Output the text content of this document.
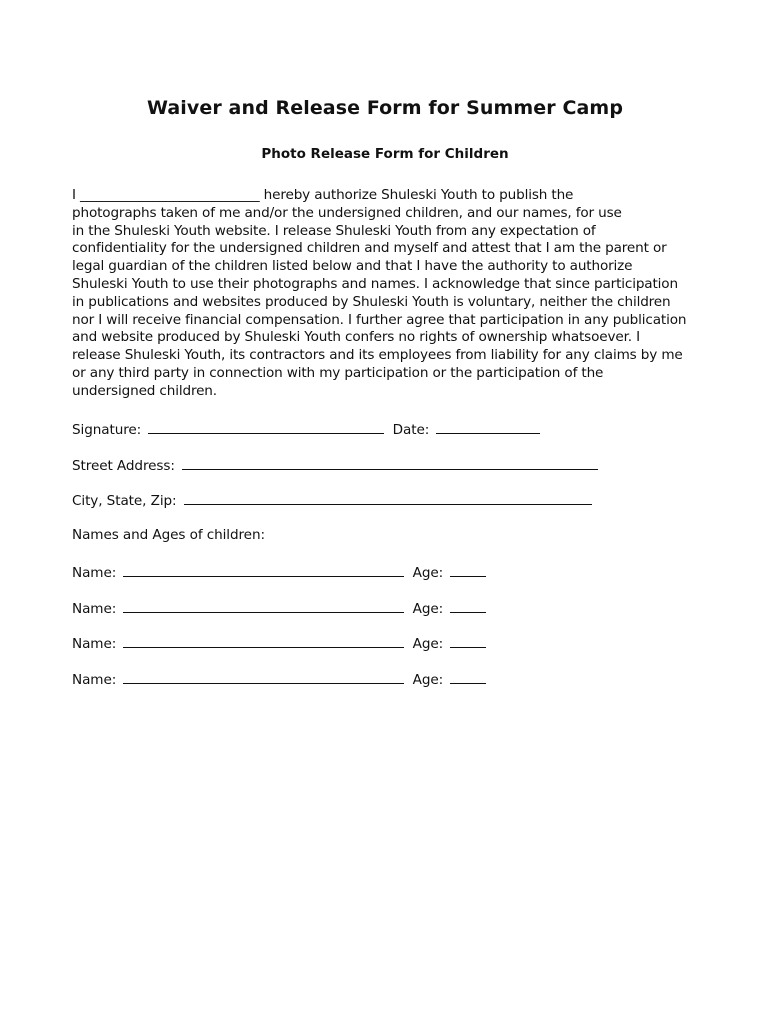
Waiver and Release Form for Summer Camp
Photo Release Form for Children
I ___________________________ hereby authorize Shuleski Youth to publish the
photographs taken of me and/or the undersigned children, and our names, for use
in the Shuleski Youth website. I release Shuleski Youth from any expectation of
confidentiality for the undersigned children and myself and attest that I am the parent or
legal guardian of the children listed below and that I have the authority to authorize
Shuleski Youth to use their photographs and names. I acknowledge that since participation
in publications and websites produced by Shuleski Youth is voluntary, neither the children
nor I will receive financial compensation. I further agree that participation in any publication
and website produced by Shuleski Youth confers no rights of ownership whatsoever. I
release Shuleski Youth, its contractors and its employees from liability for any claims by me
or any third party in connection with my participation or the participation of the
undersigned children.
Signature:	Date:
Street Address:
City, State, Zip:
Names and Ages of children:
Name:	Age:
Name:	Age:
Name:	Age:
Name:	Age:
